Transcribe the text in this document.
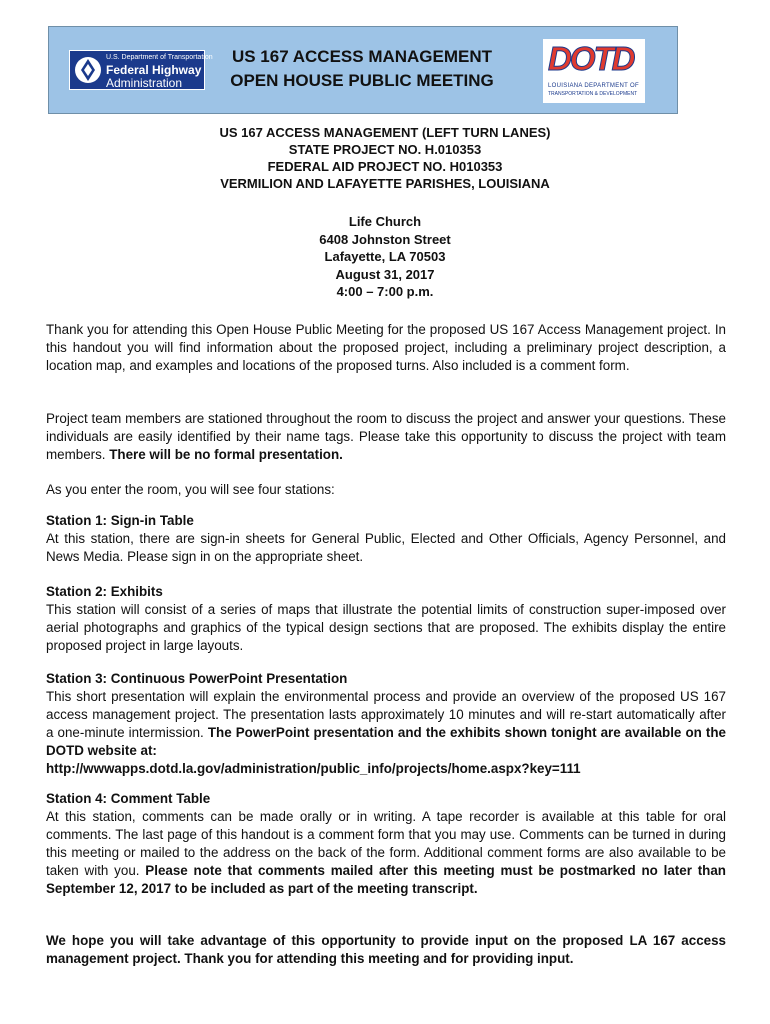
U.S. Department of Transportation
Federal Highway
Administration
US 167 ACCESS MANAGEMENT
OPEN HOUSE PUBLIC MEETING
DOTD
LOUISIANA DEPARTMENT OF
TRANSPORTATION & DEVELOPMENT
US 167 ACCESS MANAGEMENT (LEFT TURN LANES)
STATE PROJECT NO. H.010353
FEDERAL AID PROJECT NO. H010353
VERMILION AND LAFAYETTE PARISHES, LOUISIANA
Life Church
6408 Johnston Street
Lafayette, LA 70503
August 31, 2017
4:00 – 7:00 p.m.
Thank you for attending this Open House Public Meeting for the proposed US 167 Access Management project. In this handout you will find information about the proposed project, including a preliminary project description, a location map, and examples and locations of the proposed turns. Also included is a comment form.
Project team members are stationed throughout the room to discuss the project and answer your questions. These individuals are easily identified by their name tags. Please take this opportunity to discuss the project with team members. There will be no formal presentation.
As you enter the room, you will see four stations:
Station 1: Sign-in Table
At this station, there are sign-in sheets for General Public, Elected and Other Officials, Agency Personnel, and News Media. Please sign in on the appropriate sheet.
Station 2: Exhibits
This station will consist of a series of maps that illustrate the potential limits of construction super-imposed over aerial photographs and graphics of the typical design sections that are proposed. The exhibits display the entire proposed project in large layouts.
Station 3: Continuous PowerPoint Presentation
This short presentation will explain the environmental process and provide an overview of the proposed US 167 access management project. The presentation lasts approximately 10 minutes and will re-start automatically after a one-minute intermission. The PowerPoint presentation and the exhibits shown tonight are available on the DOTD website at:
http://wwwapps.dotd.la.gov/administration/public_info/projects/home.aspx?key=111
Station 4: Comment Table
At this station, comments can be made orally or in writing. A tape recorder is available at this table for oral comments. The last page of this handout is a comment form that you may use. Comments can be turned in during this meeting or mailed to the address on the back of the form. Additional comment forms are also available to be taken with you. Please note that comments mailed after this meeting must be postmarked no later than September 12, 2017 to be included as part of the meeting transcript.
We hope you will take advantage of this opportunity to provide input on the proposed LA 167 access management project. Thank you for attending this meeting and for providing input.
